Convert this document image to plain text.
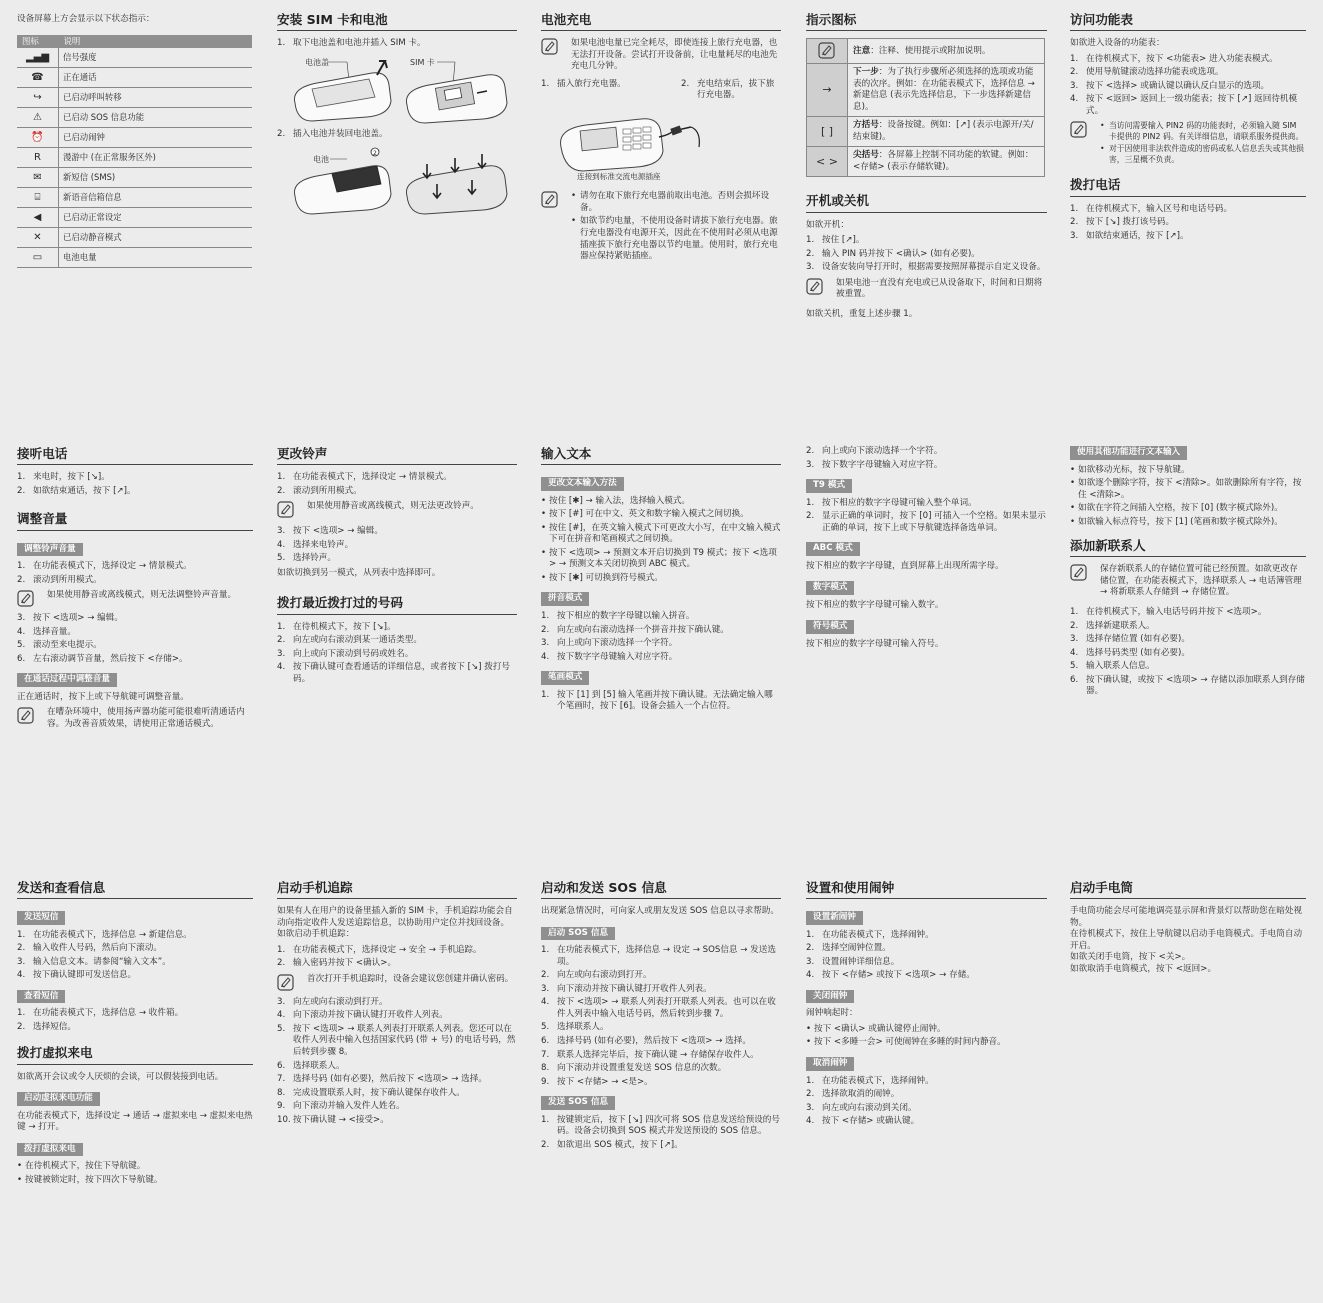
设备屏幕上方会显示以下状态指示：

图标	说明
▂▄▆	信号强度
☎	正在通话
↪	已启动呼叫转移
⚠	已启动 SOS 信息功能
⏰	已启动闹钟
R	漫游中 (在正常服务区外)
✉	新短信 (SMS)
⌸	新语音信箱信息
◀	已启动正常设定
✕	已启动静音模式
▭	电池电量
安装 SIM 卡和电池
1. 取下电池盖和电池并插入 SIM 卡。
电池盖	SIM 卡
2. 插入电池并装回电池盖。
电池
2
电池充电
如果电池电量已完全耗尽，即使连接上旅行充电器，也无法打开设备。尝试打开设备前，让电量耗尽的电池先充电几分钟。
1. 插入旅行充电器。	2. 充电结束后，拔下旅行充电器。
连接到标准交流电源插座
• 请勿在取下旅行充电器前取出电池。否则会损坏设备。
• 如欲节约电量，不使用设备时请拔下旅行充电器。旅行充电器没有电源开关，因此在不使用时必须从电源插座拔下旅行充电器以节约电量。使用时，旅行充电器应保持紧贴插座。
指示图标
	注意：注释、使用提示或附加说明。
→	下一步：为了执行步骤所必须选择的选项或功能表的次序。例如：在功能表模式下，选择信息 → 新建信息 (表示先选择信息，下一步选择新建信息)。
[ ]	方括号：设备按键。例如：[↗] (表示电源开/关/结束键)。
< >	尖括号：各屏幕上控制不同功能的软键。例如：<存储> (表示存储软键)。
开机或关机

如欲开机：

1. 按住 [↗]。
2. 输入 PIN 码并按下 <确认> (如有必要)。
3. 设备安装向导打开时，根据需要按照屏幕提示自定义设备。
如果电池一直没有充电或已从设备取下，时间和日期将被重置。

如欲关机，重复上述步骤 1。

访问功能表

如欲进入设备的功能表：

1. 在待机模式下，按下 <功能表> 进入功能表模式。
2. 使用导航键滚动选择功能表或选项。
3. 按下 <选择> 或确认键以确认反白显示的选项。
4. 按下 <返回> 返回上一级功能表；按下 [↗] 返回待机模式。
• 当访问需要输入 PIN2 码的功能表时，必须输入随 SIM 卡提供的 PIN2 码。有关详细信息，请联系服务提供商。
• 对于因使用非法软件造成的密码或私人信息丢失或其他损害，三星概不负责。
拨打电话
1. 在待机模式下，输入区号和电话号码。
2. 按下 [↘] 拨打该号码。
3. 如欲结束通话，按下 [↗]。
接听电话
1. 来电时，按下 [↘]。
2. 如欲结束通话，按下 [↗]。
调整音量
调整铃声音量
1. 在功能表模式下，选择设定 → 情景模式。
2. 滚动到所用模式。
如果使用静音或离线模式，则无法调整铃声音量。
3. 按下 <选项> → 编辑。
4. 选择音量。
5. 滚动至来电提示。
6. 左右滚动调节音量，然后按下 <存储>。
在通话过程中调整音量

正在通话时，按下上或下导航键可调整音量。

在嘈杂环境中，使用扬声器功能可能很难听清通话内容。为改善音质效果，请使用正常通话模式。
更改铃声
1. 在功能表模式下，选择设定 → 情景模式。
2. 滚动到所用模式。
如果使用静音或离线模式，则无法更改铃声。
3. 按下 <选项> → 编辑。
4. 选择来电铃声。
5. 选择铃声。

如欲切换到另一模式，从列表中选择即可。

拨打最近拨打过的号码
1. 在待机模式下，按下 [↘]。
2. 向左或向右滚动到某一通话类型。
3. 向上或向下滚动到号码或姓名。
4. 按下确认键可查看通话的详细信息，或者按下 [↘] 拨打号码。
输入文本
更改文本输入方法
• 按住 [✱] → 输入法，选择输入模式。
• 按下 [#] 可在中文、英文和数字输入模式之间切换。
• 按住 [#]，在英文输入模式下可更改大小写，在中文输入模式下可在拼音和笔画模式之间切换。
• 按下 <选项> → 预测文本开启切换到 T9 模式；按下 <选项> → 预测文本关闭切换到 ABC 模式。
• 按下 [✱] 可切换到符号模式。
拼音模式
1. 按下相应的数字字母键以输入拼音。
2. 向左或向右滚动选择一个拼音并按下确认键。
3. 向上或向下滚动选择一个字符。
4. 按下数字字母键输入对应字符。
笔画模式
1. 按下 [1] 到 [5] 输入笔画并按下确认键。无法确定输入哪个笔画时，按下 [6]。设备会插入一个占位符。
2. 向上或向下滚动选择一个字符。
3. 按下数字字母键输入对应字符。
T9 模式
1. 按下相应的数字字母键可输入整个单词。
2. 显示正确的单词时，按下 [0] 可插入一个空格。如果未显示正确的单词，按下上或下导航键选择备选单词。
ABC 模式

按下相应的数字字母键，直到屏幕上出现所需字母。

数字模式

按下相应的数字字母键可输入数字。

符号模式

按下相应的数字字母键可输入符号。

使用其他功能进行文本输入
• 如欲移动光标，按下导航键。
• 如欲逐个删除字符，按下 <清除>。如欲删除所有字符，按住 <清除>。
• 如欲在字符之间插入空格，按下 [0] (数字模式除外)。
• 如欲输入标点符号，按下 [1] (笔画和数字模式除外)。
添加新联系人
保存新联系人的存储位置可能已经预置。如欲更改存储位置，在功能表模式下，选择联系人 → 电话簿管理 → 将新联系人存储到 → 存储位置。
1. 在待机模式下，输入电话号码并按下 <选项>。
2. 选择新建联系人。
3. 选择存储位置 (如有必要)。
4. 选择号码类型 (如有必要)。
5. 输入联系人信息。
6. 按下确认键，或按下 <选项> → 存储以添加联系人到存储器。
发送和查看信息
发送短信
1. 在功能表模式下，选择信息 → 新建信息。
2. 输入收件人号码，然后向下滚动。
3. 输入信息文本。请参阅“输入文本”。
4. 按下确认键即可发送信息。
查看短信
1. 在功能表模式下，选择信息 → 收件箱。
2. 选择短信。
拨打虚拟来电

如欲离开会议或令人厌烦的会谈，可以假装接到电话。

启动虚拟来电功能

在功能表模式下，选择设定 → 通话 → 虚拟来电 → 虚拟来电热键 → 打开。

拨打虚拟来电
• 在待机模式下，按住下导航键。
• 按键被锁定时，按下四次下导航键。
启动手机追踪

如果有人在用户的设备里插入新的 SIM 卡，手机追踪功能会自动向指定收件人发送追踪信息，以协助用户定位并找回设备。如欲启动手机追踪：

1. 在功能表模式下，选择设定 → 安全 → 手机追踪。
2. 输入密码并按下 <确认>。
首次打开手机追踪时，设备会建议您创建并确认密码。
3. 向左或向右滚动到打开。
4. 向下滚动并按下确认键打开收件人列表。
5. 按下 <选项> → 联系人列表打开联系人列表。您还可以在收件人列表中输入包括国家代码 (带 + 号) 的电话号码，然后转到步骤 8。
6. 选择联系人。
7. 选择号码 (如有必要)，然后按下 <选项> → 选择。
8. 完成设置联系人时，按下确认键保存收件人。
9. 向下滚动并输入发件人姓名。
10. 按下确认键 → <接受>。
启动和发送 SOS 信息

出现紧急情况时，可向家人或朋友发送 SOS 信息以寻求帮助。

启动 SOS 信息
1. 在功能表模式下，选择信息 → 设定 → SOS信息 → 发送选项。
2. 向左或向右滚动到打开。
3. 向下滚动并按下确认键打开收件人列表。
4. 按下 <选项> → 联系人列表打开联系人列表。也可以在收件人列表中输入电话号码，然后转到步骤 7。
5. 选择联系人。
6. 选择号码 (如有必要)，然后按下 <选项> → 选择。
7. 联系人选择完毕后，按下确认键 → 存储保存收件人。
8. 向下滚动并设置重复发送 SOS 信息的次数。
9. 按下 <存储> → <是>。
发送 SOS 信息
1. 按键锁定后，按下 [↘] 四次可将 SOS 信息发送给预设的号码。设备会切换到 SOS 模式并发送预设的 SOS 信息。
2. 如欲退出 SOS 模式，按下 [↗]。
设置和使用闹钟
设置新闹钟
1. 在功能表模式下，选择闹钟。
2. 选择空闹钟位置。
3. 设置闹钟详细信息。
4. 按下 <存储> 或按下 <选项> → 存储。
关闭闹钟

闹钟响起时：

• 按下 <确认> 或确认键停止闹钟。
• 按下 <多睡一会> 可使闹钟在多睡的时间内静音。
取消闹钟
1. 在功能表模式下，选择闹钟。
2. 选择欲取消的闹钟。
3. 向左或向右滚动到关闭。
4. 按下 <存储> 或确认键。
启动手电筒

手电筒功能会尽可能地调亮显示屏和背景灯以帮助您在暗处视物。

在待机模式下，按住上导航键以启动手电筒模式。手电筒自动开启。

如欲关闭手电筒，按下 <关>。

如欲取消手电筒模式，按下 <返回>。
